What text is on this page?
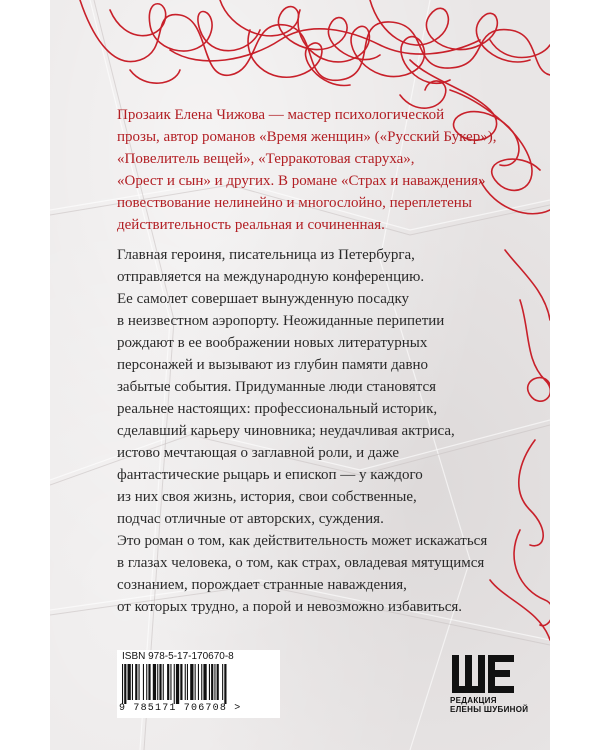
Прозаик Елена Чижова — мастер психологической
прозы, автор романов «Время женщин» («Русский Букер»),
«Повелитель вещей», «Терракотовая старуха»,
«Орест и сын» и других. В романе «Страх и наваждения»
повествование нелинейно и многослойно, переплетены
действительность реальная и сочиненная.
Главная героиня, писательница из Петербурга,
отправляется на международную конференцию.
Ее самолет совершает вынужденную посадку
в неизвестном аэропорту. Неожиданные перипетии
рождают в ее воображении новых литературных
персонажей и вызывают из глубин памяти давно
забытые события. Придуманные люди становятся
реальнее настоящих: профессиональный историк,
сделавший карьеру чиновника; неудачливая актриса,
истово мечтающая о заглавной роли, и даже
фантастические рыцарь и епископ — у каждого
из них своя жизнь, история, свои собственные,
подчас отличные от авторских, суждения.
Это роман о том, как действительность может искажаться
в глазах человека, о том, как страх, овладевая мятущимся
сознанием, порождает странные наваждения,
от которых трудно, а порой и невозможно избавиться.
ISBN 978-5-17-170670-8
9 785171 706708 >
РЕДАКЦИЯ
ЕЛЕНЫ ШУБИНОЙ
